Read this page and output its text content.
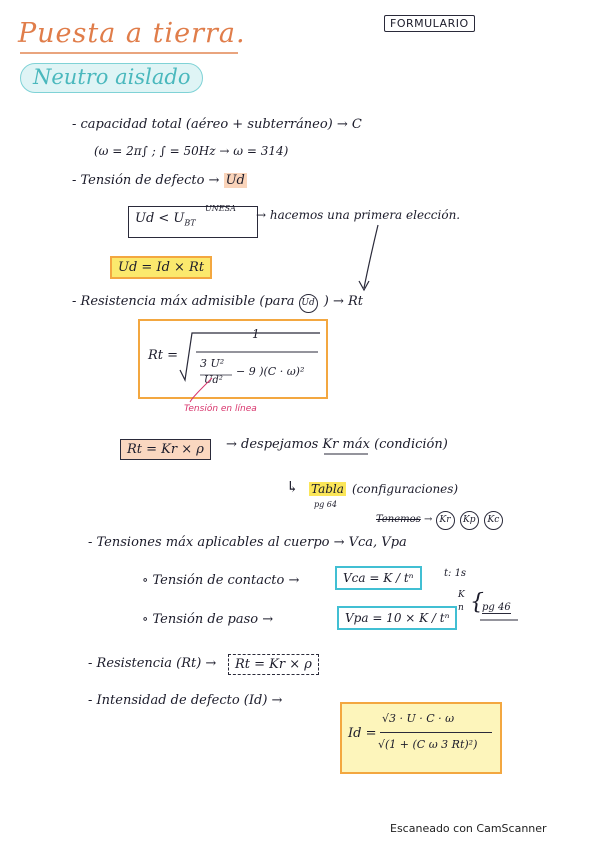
Puesta a tierra.	FORMULARIO
Neutro aislado
- capacidad total (aéreo + subterráneo) → C
(ω = 2π∫ ; ∫ = 50Hz → ω = 314)
- Tensión de defecto → Ud
$Ud < U_{BT}$
UNESA → hacemos una primera elección.
Ud = Id × Rt
- Resistencia máx admisible (para Ud ) → Rt
Rt =
1
3 U²
Ud²
− 9 )(C · ω)²
Tensión en línea
Rt = Kr × ρ	→ despejamos Kr máx (condición)
↳ Tabla
pg 64
(configuraciones)
Tenemos → Kr Kp Kc
- Tensiones máx aplicables al cuerpo → Vca, Vpa
∘ Tensión de contacto →	Vca = K / tⁿ	t: 1s
K
n {
pg 46
∘ Tensión de paso →	Vpa = 10 × K / tⁿ
- Resistencia (Rt) →	Rt = Kr × ρ
- Intensidad de defecto (Id) →
Id =
√3 · U · C · ω
√(1 + (C ω 3 Rt)²)
Escaneado con CamScanner
